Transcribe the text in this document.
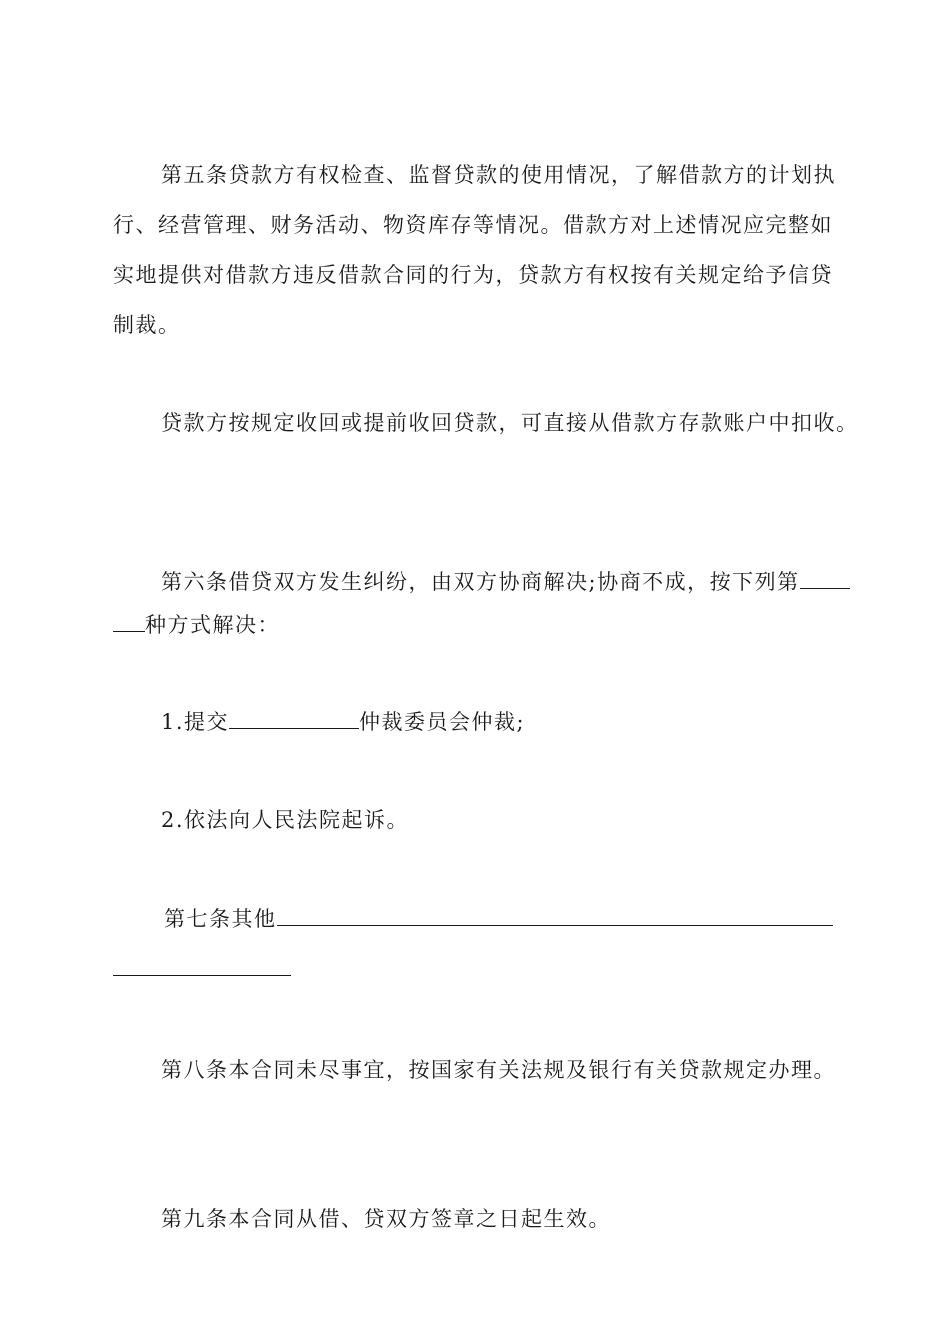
第五条贷款方有权检查、监督贷款的使用情况，了解借款方的计划执
行、经营管理、财务活动、物资库存等情况。借款方对上述情况应完整如
实地提供对借款方违反借款合同的行为，贷款方有权按有关规定给予信贷
制裁。

贷款方按规定收回或提前收回贷款，可直接从借款方存款账户中扣收。

第六条借贷双方发生纠纷，由双方协商解决;协商不成，按下列第

种方式解决：

1.提交	仲裁委员会仲裁;

2.依法向人民法院起诉。

第七条其他

第八条本合同未尽事宜，按国家有关法规及银行有关贷款规定办理。

第九条本合同从借、贷双方签章之日起生效。
